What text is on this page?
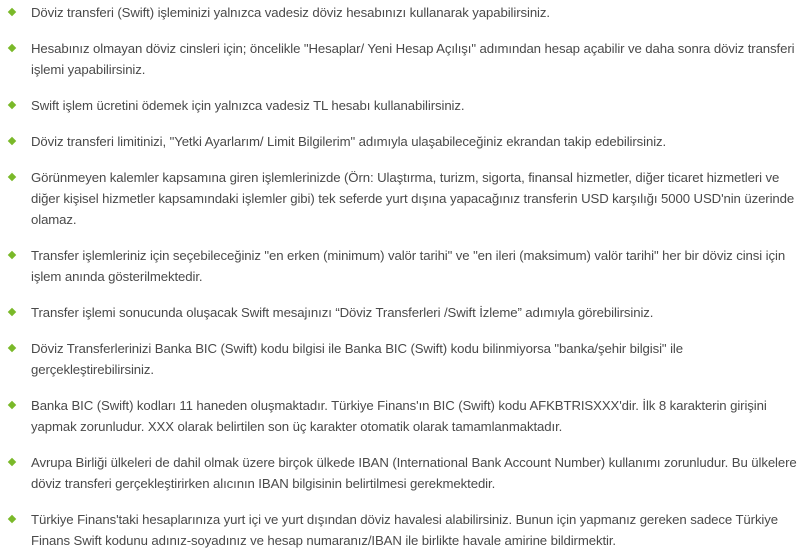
Döviz transferi (Swift) işleminizi yalnızca vadesiz döviz hesabınızı kullanarak yapabilirsiniz.
Hesabınız olmayan döviz cinsleri için; öncelikle "Hesaplar/ Yeni Hesap Açılışı" adımından hesap açabilir ve daha sonra döviz transferi işlemi yapabilirsiniz.
Swift işlem ücretini ödemek için yalnızca vadesiz TL hesabı kullanabilirsiniz.
Döviz transferi limitinizi, "Yetki Ayarlarım/ Limit Bilgilerim" adımıyla ulaşabileceğiniz ekrandan takip edebilirsiniz.
Görünmeyen kalemler kapsamına giren işlemlerinizde (Örn: Ulaştırma, turizm, sigorta, finansal hizmetler, diğer ticaret hizmetleri ve diğer kişisel hizmetler kapsamındaki işlemler gibi) tek seferde yurt dışına yapacağınız transferin USD karşılığı 5000 USD'nin üzerinde olamaz.
Transfer işlemleriniz için seçebileceğiniz "en erken (minimum) valör tarihi" ve "en ileri (maksimum) valör tarihi" her bir döviz cinsi için işlem anında gösterilmektedir.
Transfer işlemi sonucunda oluşacak Swift mesajınızı “Döviz Transferleri /Swift İzleme” adımıyla görebilirsiniz.
Döviz Transferlerinizi Banka BIC (Swift) kodu bilgisi ile Banka BIC (Swift) kodu bilinmiyorsa "banka/şehir bilgisi" ile gerçekleştirebilirsiniz.
Banka BIC (Swift) kodları 11 haneden oluşmaktadır. Türkiye Finans'ın BIC (Swift) kodu AFKBTRISXXX'dir. İlk 8 karakterin girişini yapmak zorunludur. XXX olarak belirtilen son üç karakter otomatik olarak tamamlanmaktadır.
Avrupa Birliği ülkeleri de dahil olmak üzere birçok ülkede IBAN (International Bank Account Number) kullanımı zorunludur. Bu ülkelere döviz transferi gerçekleştirirken alıcının IBAN bilgisinin belirtilmesi gerekmektedir.
Türkiye Finans'taki hesaplarınıza yurt içi ve yurt dışından döviz havalesi alabilirsiniz. Bunun için yapmanız gereken sadece Türkiye Finans Swift kodunu adınız-soyadınız ve hesap numaranız/IBAN ile birlikte havale amirine bildirmektir.
